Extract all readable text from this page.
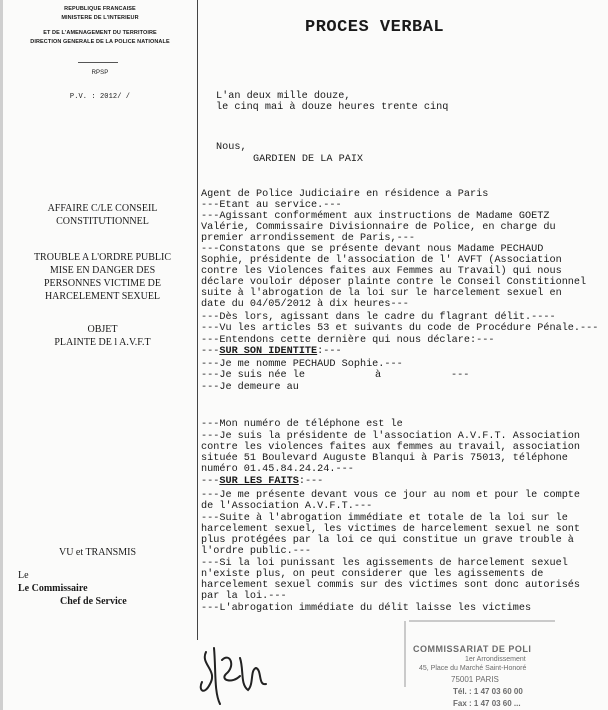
REPUBLIQUE FRANCAISE
MINISTERE DE L'INTERIEUR
ET DE L'AMENAGEMENT DU TERRITOIRE
DIRECTION GENERALE DE LA POLICE NATIONALE
RPSP
P.V. : 2012/ /
PROCES VERBAL
L'an deux mille douze,
le cinq mai à douze heures trente cinq
Nous,
GARDIEN DE LA PAIX
AFFAIRE C/LE CONSEIL
CONSTITUTIONNEL
TROUBLE A L'ORDRE PUBLIC
MISE EN DANGER DES
PERSONNES VICTIME DE
HARCELEMENT SEXUEL
OBJET
PLAINTE DE l A.V.F.T
VU et TRANSMIS
Le
Le Commissaire
Chef de Service
Agent de Police Judiciaire en résidence a Paris
---Etant au service.---
---Agissant conformément aux instructions de Madame GOETZ
Valérie, Commissaire Divisionnaire de Police, en charge du
premier arrondissement de Paris,---
---Constatons que se présente devant nous Madame PECHAUD
Sophie, présidente de l'association de l' AVFT (Association
contre les Violences faites aux Femmes au Travail) qui nous
déclare vouloir déposer plainte contre le Conseil Constitionnel
suite à l'abrogation de la loi sur le harcelement sexuel en
date du 04/05/2012 à dix heures---
---Dès lors, agissant dans le cadre du flagrant délit.----
---Vu les articles 53 et suivants du code de Procédure Pénale.---
---Entendons cette dernière qui nous déclare:---
---SUR SON IDENTITE:---
---Je me nomme PECHAUD Sophie.---
---Je suis née le	à	---
---Je demeure au
---Mon numéro de téléphone est le
---Je suis la présidente de l'association A.V.F.T. Association
contre les violences faites aux femmes au travail, association
située 51 Boulevard Auguste Blanqui à Paris 75013, téléphone
numéro 01.45.84.24.24.---
---SUR LES FAITS:---
---Je me présente devant vous ce jour au nom et pour le compte
de l'Association A.V.F.T.---
---Suite à l'abrogation immédiate et totale de la loi sur le
harcelement sexuel, les victimes de harcelement sexuel ne sont
plus protégées par la loi ce qui constitue un grave trouble à
l'ordre public.---
---Si la loi punissant les agissements de harcelement sexuel
n'existe plus, on peut considerer que les agissements de
harcelement sexuel commis sur des victimes sont donc autorisés
par la loi.---
---L'abrogation immédiate du délit laisse les victimes
COMMISSARIAT DE POLI
1er Arrondissement
45, Place du Marché Saint-Honoré
75001 PARIS
Tél. : 1 47 03 60 00
Fax : 1 47 03 60 ...
